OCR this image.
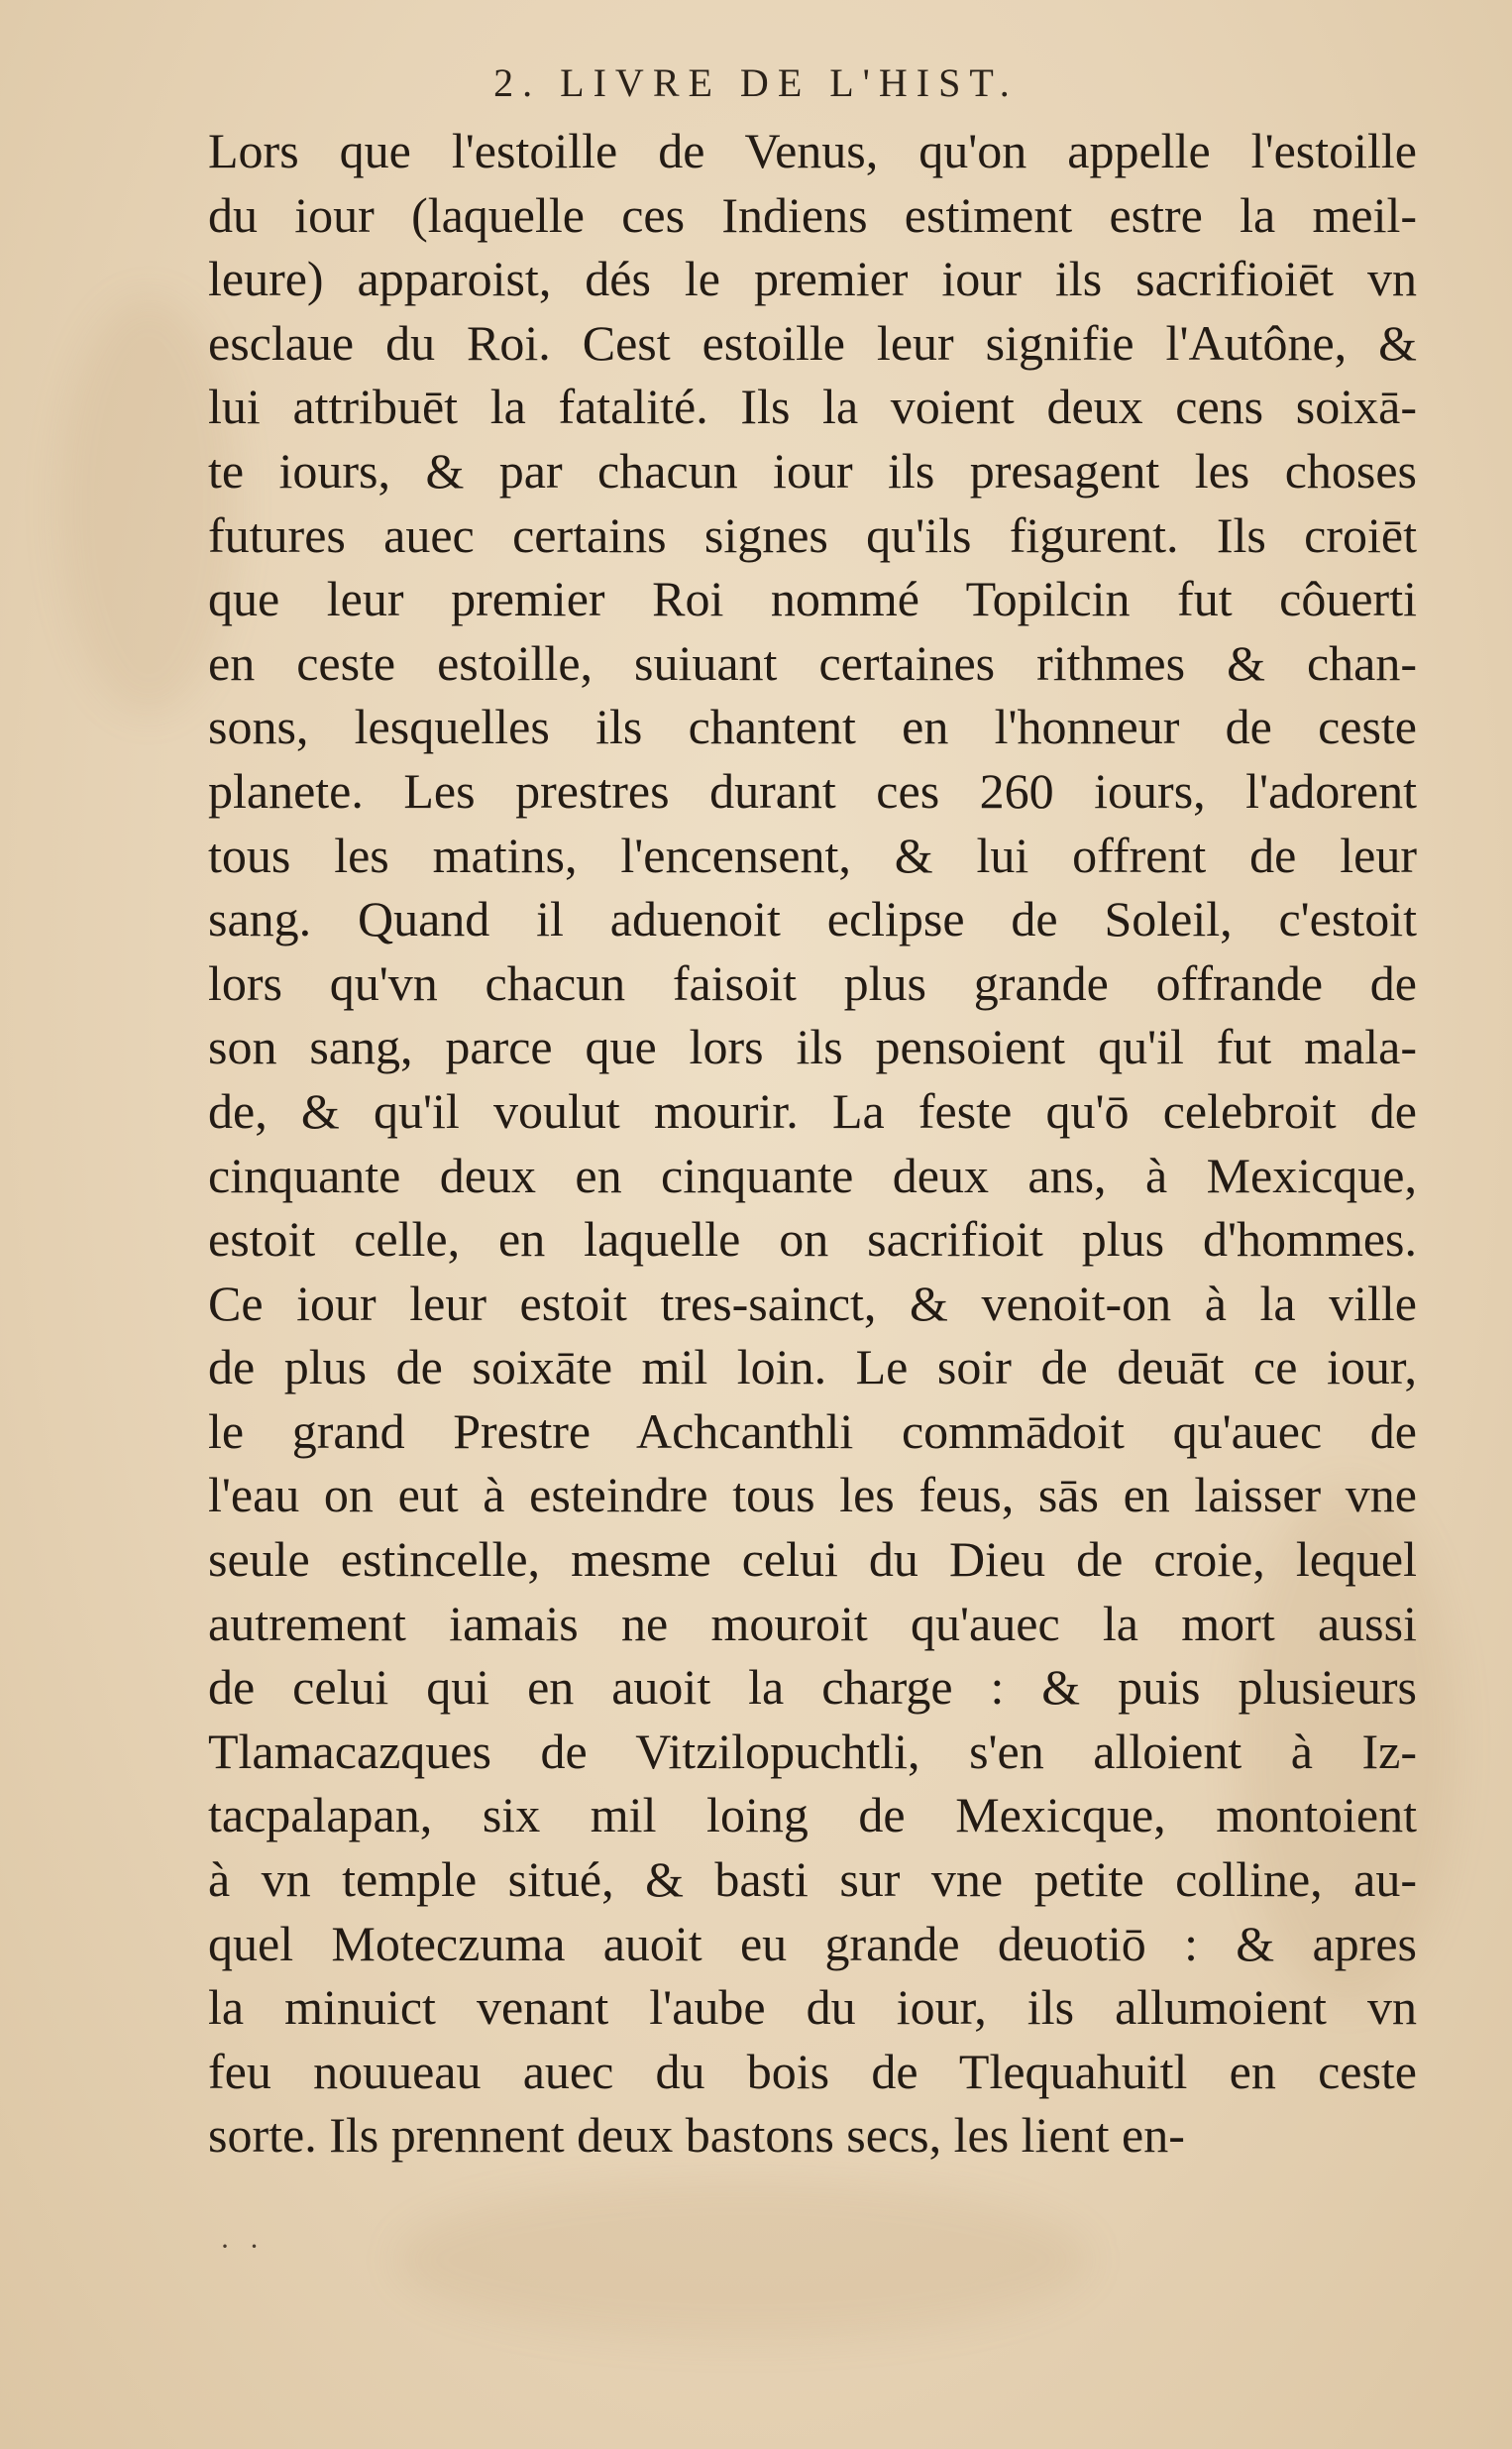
2. LIVRE DE L'HIST.
Lors que l'estoille de Venus, qu'on appelle l'estoille
du iour (laquelle ces Indiens estiment estre la meil-
leure) apparoist, dés le premier iour ils sacrifioiēt vn
esclaue du Roi. Cest estoille leur signifie l'Autône, &
lui attribuēt la fatalité. Ils la voient deux cens soixā-
te iours, & par chacun iour ils presagent les choses
futures auec certains signes qu'ils figurent. Ils croiēt
que leur premier Roi nommé Topilcin fut côuerti
en ceste estoille, suiuant certaines rithmes & chan-
sons, lesquelles ils chantent en l'honneur de ceste
planete. Les prestres durant ces 260 iours, l'adorent
tous les matins, l'encensent, & lui offrent de leur
sang. Quand il aduenoit eclipse de Soleil, c'estoit
lors qu'vn chacun faisoit plus grande offrande de
son sang, parce que lors ils pensoient qu'il fut mala-
de, & qu'il voulut mourir. La feste qu'ō celebroit de
cinquante deux en cinquante deux ans, à Mexicque,
estoit celle, en laquelle on sacrifioit plus d'hommes.
Ce iour leur estoit tres-sainct, & venoit-on à la ville
de plus de soixāte mil loin. Le soir de deuāt ce iour,
le grand Prestre Achcanthli commādoit qu'auec de
l'eau on eut à esteindre tous les feus, sās en laisser vne
seule estincelle, mesme celui du Dieu de croie, lequel
autrement iamais ne mouroit qu'auec la mort aussi
de celui qui en auoit la charge : & puis plusieurs
Tlamacazques de Vitzilopuchtli, s'en alloient à Iz-
tacpalapan, six mil loing de Mexicque, montoient
à vn temple situé, & basti sur vne petite colline, au-
quel Moteczuma auoit eu grande deuotiō : & apres
la minuict venant l'aube du iour, ils allumoient vn
feu nouueau auec du bois de Tlequahuitl en ceste
sorte. Ils prennent deux bastons secs, les lient en-
· ·
